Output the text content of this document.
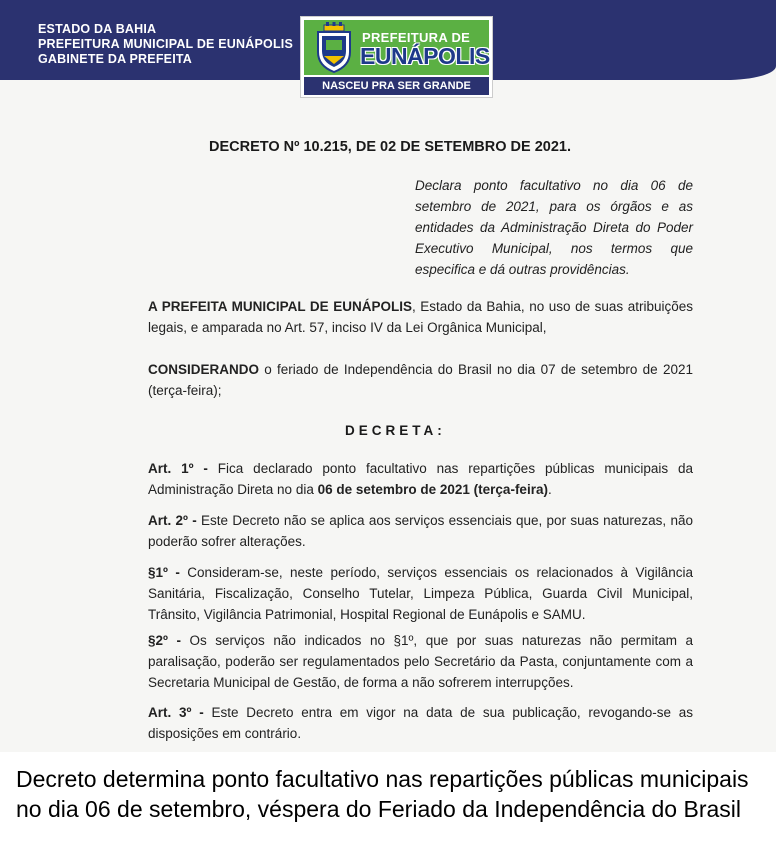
ESTADO DA BAHIA
PREFEITURA MUNICIPAL DE EUNÁPOLIS
GABINETE DA PREFEITA
PREFEITURA DE
EUNÁPOLIS
NASCEU PRA SER GRANDE
DECRETO Nº 10.215, DE 02 DE SETEMBRO DE 2021.
Declara ponto facultativo no dia 06 de setembro de 2021, para os órgãos e as entidades da Administração Direta do Poder Executivo Municipal, nos termos que especifica e dá outras providências.
A PREFEITA MUNICIPAL DE EUNÁPOLIS, Estado da Bahia, no uso de suas atribuições legais, e amparada no Art. 57, inciso IV da Lei Orgânica Municipal,
CONSIDERANDO o feriado de Independência do Brasil no dia 07 de setembro de 2021 (terça-feira);
DECRETA:
Art. 1º - Fica declarado ponto facultativo nas repartições públicas municipais da Administração Direta no dia 06 de setembro de 2021 (terça-feira).
Art. 2º - Este Decreto não se aplica aos serviços essenciais que, por suas naturezas, não poderão sofrer alterações.
§1º - Consideram-se, neste período, serviços essenciais os relacionados à Vigilância Sanitária, Fiscalização, Conselho Tutelar, Limpeza Pública, Guarda Civil Municipal, Trânsito, Vigilância Patrimonial, Hospital Regional de Eunápolis e SAMU.
§2º - Os serviços não indicados no §1º, que por suas naturezas não permitam a paralisação, poderão ser regulamentados pelo Secretário da Pasta, conjuntamente com a Secretaria Municipal de Gestão, de forma a não sofrerem interrupções.
Art. 3º - Este Decreto entra em vigor na data de sua publicação, revogando-se as disposições em contrário.
Decreto determina ponto facultativo nas repartições públicas municipais no dia 06 de setembro, véspera do Feriado da Independência do Brasil
